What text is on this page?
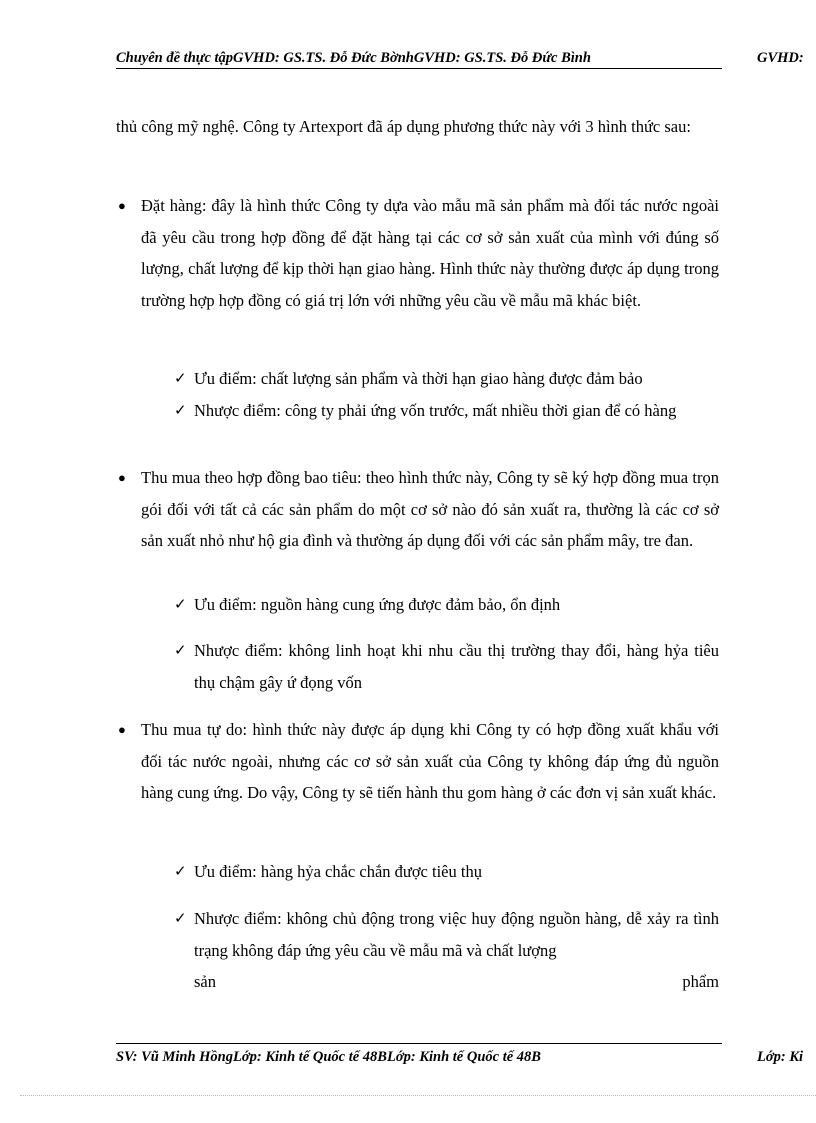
Chuyên đề thực tậpGVHD: GS.TS. Đỗ Đức BờnhGVHD: GS.TS. Đỗ Đức Bình	GVHD:
thủ công mỹ nghệ. Công ty Artexport đã áp dụng phương thức này với 3 hình thức sau:
● Đặt hàng: đây là hình thức Công ty dựa vào mẫu mã sản phẩm mà đối tác nước ngoài đã yêu cầu trong hợp đồng để đặt hàng tại các cơ sở sản xuất của mình với đúng số lượng, chất lượng để kịp thời hạn giao hàng. Hình thức này thường được áp dụng trong trường hợp hợp đồng có giá trị lớn với những yêu cầu về mẫu mã khác biệt.
✓ Ưu điểm: chất lượng sản phẩm và thời hạn giao hàng được đảm bảo
✓ Nhược điểm: công ty phải ứng vốn trước, mất nhiều thời gian để có hàng
● Thu mua theo hợp đồng bao tiêu: theo hình thức này, Công ty sẽ ký hợp đồng mua trọn gói đối với tất cả các sản phẩm do một cơ sở nào đó sản xuất ra, thường là các cơ sở sản xuất nhỏ như hộ gia đình và thường áp dụng đối với các sản phẩm mây, tre đan.
✓ Ưu điểm: nguồn hàng cung ứng được đảm bảo, ổn định
✓ Nhược điểm: không linh hoạt khi nhu cầu thị trường thay đổi, hàng hỷa tiêu thụ chậm gây ứ đọng vốn
● Thu mua tự do: hình thức này được áp dụng khi Công ty có hợp đồng xuất khẩu với đối tác nước ngoài, nhưng các cơ sở sản xuất của Công ty không đáp ứng đủ nguồn hàng cung ứng. Do vậy, Công ty sẽ tiến hành thu gom hàng ở các đơn vị sản xuất khác.
✓ Ưu điểm: hàng hỷa chắc chắn được tiêu thụ
✓ Nhược điểm: không chủ động trong việc huy động nguồn hàng, dễ xảy ra tình trạng không đáp ứng yêu cầu về mẫu mã và chất lượng
sản	phẩm
SV: Vũ Minh HồngLớp: Kinh tế Quốc tế 48BLớp: Kinh tế Quốc tế 48B	Lớp: Ki
